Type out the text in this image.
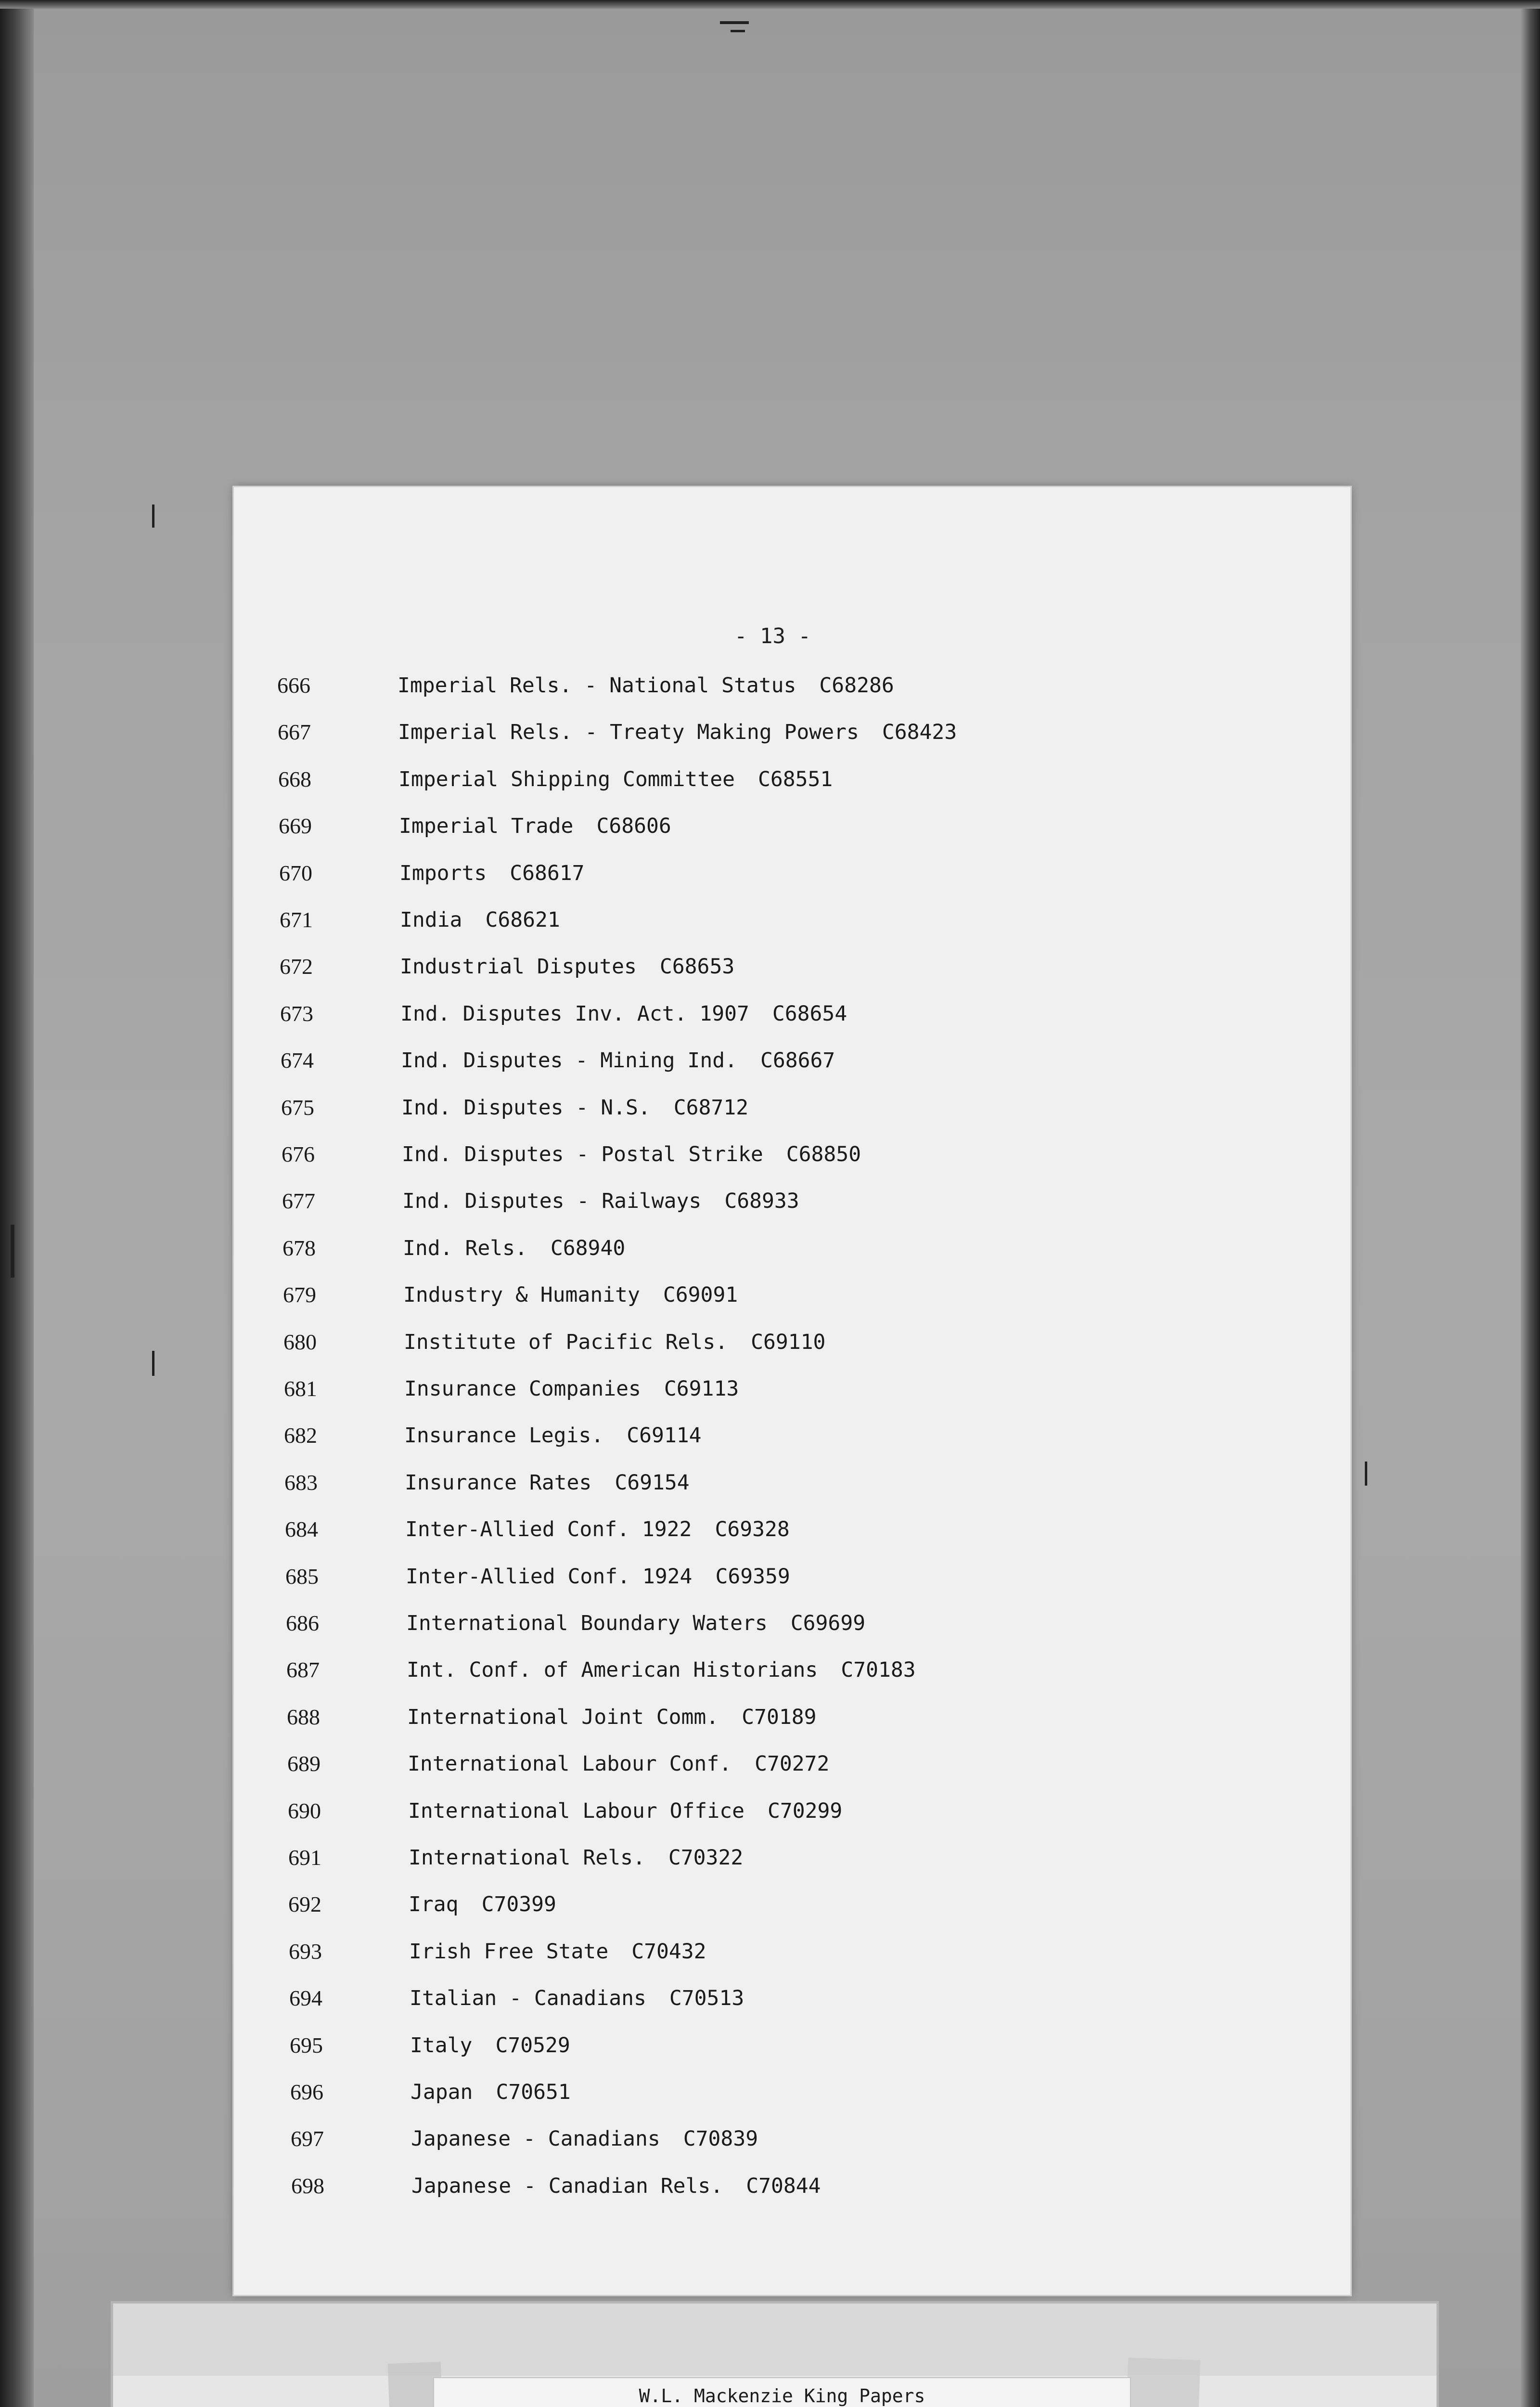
- 13 -
666	Imperial Rels. - National Status C68286
667	Imperial Rels. - Treaty Making Powers C68423
668	Imperial Shipping Committee C68551
669	Imperial Trade C68606
670	Imports C68617
671	India C68621
672	Industrial Disputes C68653
673	Ind. Disputes Inv. Act. 1907 C68654
674	Ind. Disputes - Mining Ind. C68667
675	Ind. Disputes - N.S. C68712
676	Ind. Disputes - Postal Strike C68850
677	Ind. Disputes - Railways C68933
678	Ind. Rels. C68940
679	Industry & Humanity C69091
680	Institute of Pacific Rels. C69110
681	Insurance Companies C69113
682	Insurance Legis. C69114
683	Insurance Rates C69154
684	Inter-Allied Conf. 1922 C69328
685	Inter-Allied Conf. 1924 C69359
686	International Boundary Waters C69699
687	Int. Conf. of American Historians C70183
688	International Joint Comm. C70189
689	International Labour Conf. C70272
690	International Labour Office C70299
691	International Rels. C70322
692	Iraq C70399
693	Irish Free State C70432
694	Italian - Canadians C70513
695	Italy C70529
696	Japan C70651
697	Japanese - Canadians C70839
698	Japanese - Canadian Rels. C70844
W.L. Mackenzie King Papers
